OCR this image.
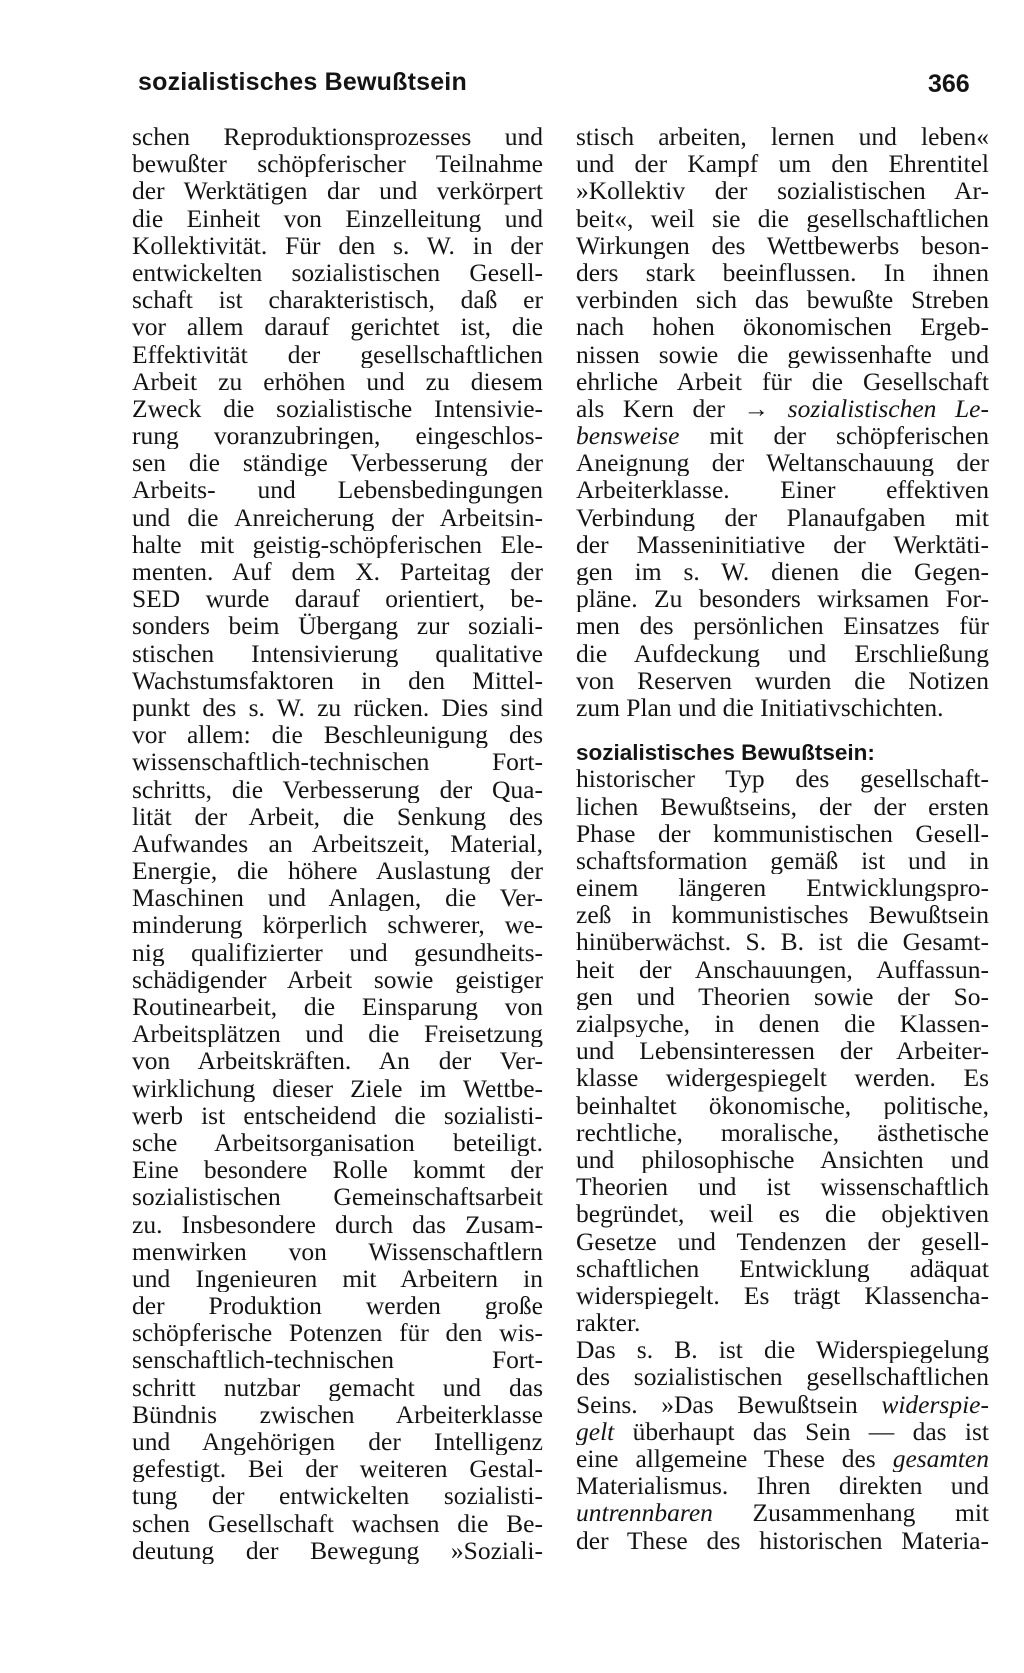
sozialistisches Bewußtsein	366
schen Reproduktionsprozesses und
bewußter schöpferischer Teilnahme
der Werktätigen dar und verkörpert
die Einheit von Einzelleitung und
Kollektivität. Für den s. W. in der
entwickelten sozialistischen Gesell-
schaft ist charakteristisch, daß er
vor allem darauf gerichtet ist, die
Effektivität der gesellschaftlichen
Arbeit zu erhöhen und zu diesem
Zweck die sozialistische Intensivie-
rung voranzubringen, eingeschlos-
sen die ständige Verbesserung der
Arbeits- und Lebensbedingungen
und die Anreicherung der Arbeitsin-
halte mit geistig-schöpferischen Ele-
menten. Auf dem X. Parteitag der
SED wurde darauf orientiert, be-
sonders beim Übergang zur soziali-
stischen Intensivierung qualitative
Wachstumsfaktoren in den Mittel-
punkt des s. W. zu rücken. Dies sind
vor allem: die Beschleunigung des
wissenschaftlich-technischen Fort-
schritts, die Verbesserung der Qua-
lität der Arbeit, die Senkung des
Aufwandes an Arbeitszeit, Material,
Energie, die höhere Auslastung der
Maschinen und Anlagen, die Ver-
minderung körperlich schwerer, we-
nig qualifizierter und gesundheits-
schädigender Arbeit sowie geistiger
Routinearbeit, die Einsparung von
Arbeitsplätzen und die Freisetzung
von Arbeitskräften. An der Ver-
wirklichung dieser Ziele im Wettbe-
werb ist entscheidend die sozialisti-
sche Arbeitsorganisation beteiligt.
Eine besondere Rolle kommt der
sozialistischen Gemeinschaftsarbeit
zu. Insbesondere durch das Zusam-
menwirken von Wissenschaftlern
und Ingenieuren mit Arbeitern in
der Produktion werden große
schöpferische Potenzen für den wis-
senschaftlich-technischen Fort-
schritt nutzbar gemacht und das
Bündnis zwischen Arbeiterklasse
und Angehörigen der Intelligenz
gefestigt. Bei der weiteren Gestal-
tung der entwickelten sozialisti-
schen Gesellschaft wachsen die Be-
deutung der Bewegung »Soziali-
stisch arbeiten, lernen und leben«
und der Kampf um den Ehrentitel
»Kollektiv der sozialistischen Ar-
beit«, weil sie die gesellschaftlichen
Wirkungen des Wettbewerbs beson-
ders stark beeinflussen. In ihnen
verbinden sich das bewußte Streben
nach hohen ökonomischen Ergeb-
nissen sowie die gewissenhafte und
ehrliche Arbeit für die Gesellschaft
als Kern der → sozialistischen Le-
bensweise mit der schöpferischen
Aneignung der Weltanschauung der
Arbeiterklasse. Einer effektiven
Verbindung der Planaufgaben mit
der Masseninitiative der Werktäti-
gen im s. W. dienen die Gegen-
pläne. Zu besonders wirksamen For-
men des persönlichen Einsatzes für
die Aufdeckung und Erschließung
von Reserven wurden die Notizen
zum Plan und die Initiativschichten.
sozialistisches Bewußtsein:
historischer Typ des gesellschaft-
lichen Bewußtseins, der der ersten
Phase der kommunistischen Gesell-
schaftsformation gemäß ist und in
einem längeren Entwicklungspro-
zeß in kommunistisches Bewußtsein
hinüberwächst. S. B. ist die Gesamt-
heit der Anschauungen, Auffassun-
gen und Theorien sowie der So-
zialpsyche, in denen die Klassen-
und Lebensinteressen der Arbeiter-
klasse widergespiegelt werden. Es
beinhaltet ökonomische, politische,
rechtliche, moralische, ästhetische
und philosophische Ansichten und
Theorien und ist wissenschaftlich
begründet, weil es die objektiven
Gesetze und Tendenzen der gesell-
schaftlichen Entwicklung adäquat
widerspiegelt. Es trägt Klassencha-
rakter.
Das s. B. ist die Widerspiegelung
des sozialistischen gesellschaftlichen
Seins. »Das Bewußtsein widerspie-
gelt überhaupt das Sein — das ist
eine allgemeine These des gesamten
Materialismus. Ihren direkten und
untrennbaren Zusammenhang mit
der These des historischen Materia-
